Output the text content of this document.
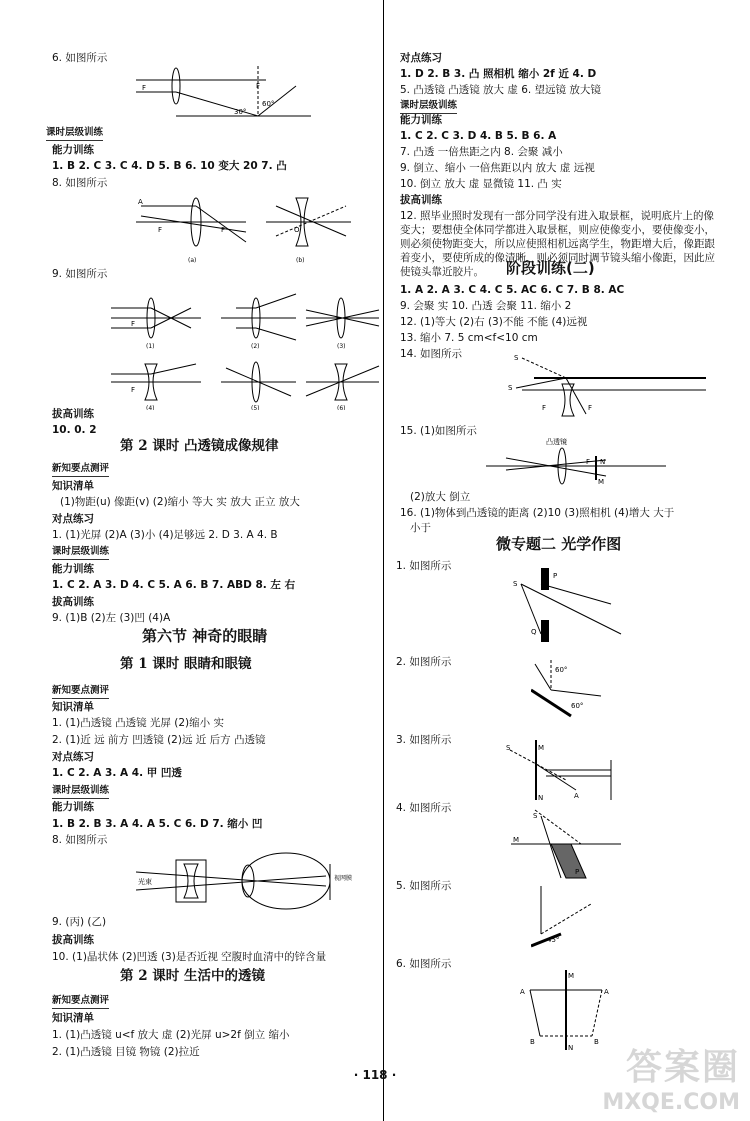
6. 如图所示
F	F
30°
60°
课时层级训练
能力训练
1. B 2. C 3. C 4. D 5. B 6. 10 变大 20 7. 凸
8. 如图所示
A
F	F
(a)
O
(b)
9. 如图所示
F
(1)	(2)	(3)
F
(4)	(5)	(6)
拔高训练
10. 0. 2
第 2 课时 凸透镜成像规律
新知要点测评
知识清单
(1)物距(u) 像距(v) (2)缩小 等大 实 放大 正立 放大
对点练习
1. (1)光屏 (2)A (3)小 (4)足够远 2. D 3. A 4. B
课时层级训练
能力训练
1. C 2. A 3. D 4. C 5. A 6. B 7. ABD 8. 左 右
拔高训练
9. (1)B (2)左 (3)凹 (4)A
第六节 神奇的眼睛
第 1 课时 眼睛和眼镜
新知要点测评
知识清单
1. (1)凸透镜 凸透镜 光屏 (2)缩小 实
2. (1)近 远 前方 凹透镜 (2)远 近 后方 凸透镜
对点练习
1. C 2. A 3. A 4. 甲 凹透
课时层级训练
能力训练
1. B 2. B 3. A 4. A 5. C 6. D 7. 缩小 凹
8. 如图所示
光束	视网膜
9. (丙) (乙)
拔高训练
10. (1)晶状体 (2)凹透 (3)是否近视 空腹时血清中的锌含量
第 2 课时 生活中的透镜
新知要点测评
知识清单
1. (1)凸透镜 u<f 放大 虚 (2)光屏 u>2f 倒立 缩小
2. (1)凸透镜 目镜 物镜 (2)拉近
对点练习
1. D 2. B 3. 凸 照相机 缩小 2f 近 4. D
5. 凸透镜 凸透镜 放大 虚 6. 望远镜 放大镜
课时层级训练
能力训练
1. C 2. C 3. D 4. B 5. B 6. A
7. 凸透 一倍焦距之内 8. 会聚 减小
9. 倒立、缩小 一倍焦距以内 放大 虚 远视
10. 倒立 放大 虚 显微镜 11. 凸 实
拔高训练
12. 照毕业照时发现有一部分同学没有进入取景框，说明底片上的像变大；要想使全体同学都进入取景框，则应使像变小，要使像变小，则必须使物距变大，所以应使照相机远离学生，物距增大后，像距跟着变小，要使所成的像清晰，则必须同时调节镜头缩小像距，因此应使镜头靠近胶片。	阶段训练(二)
1. A 2. A 3. C 4. C 5. AC 6. C 7. B 8. AC
9. 会聚 实 10. 凸透 会聚 11. 缩小 2
12. (1)等大 (2)右 (3)不能 不能 (4)远视
13. 缩小 7. 5 cm<f<10 cm
14. 如图所示	S
S
F	F
15. (1)如图所示
凸透镜
F N
M
(2)放大 倒立
16. (1)物体到凸透镜的距离 (2)10 (3)照相机 (4)增大 大于
小于
微专题二 光学作图
1. 如图所示
S
P
Q
2. 如图所示
60°
60°
3. 如图所示
S	M
N	A
4. 如图所示
S
M
P
5. 如图所示
45°
6. 如图所示
M
A	A
B	B
N
· 118 ·	答案圈
MXQE.COM
